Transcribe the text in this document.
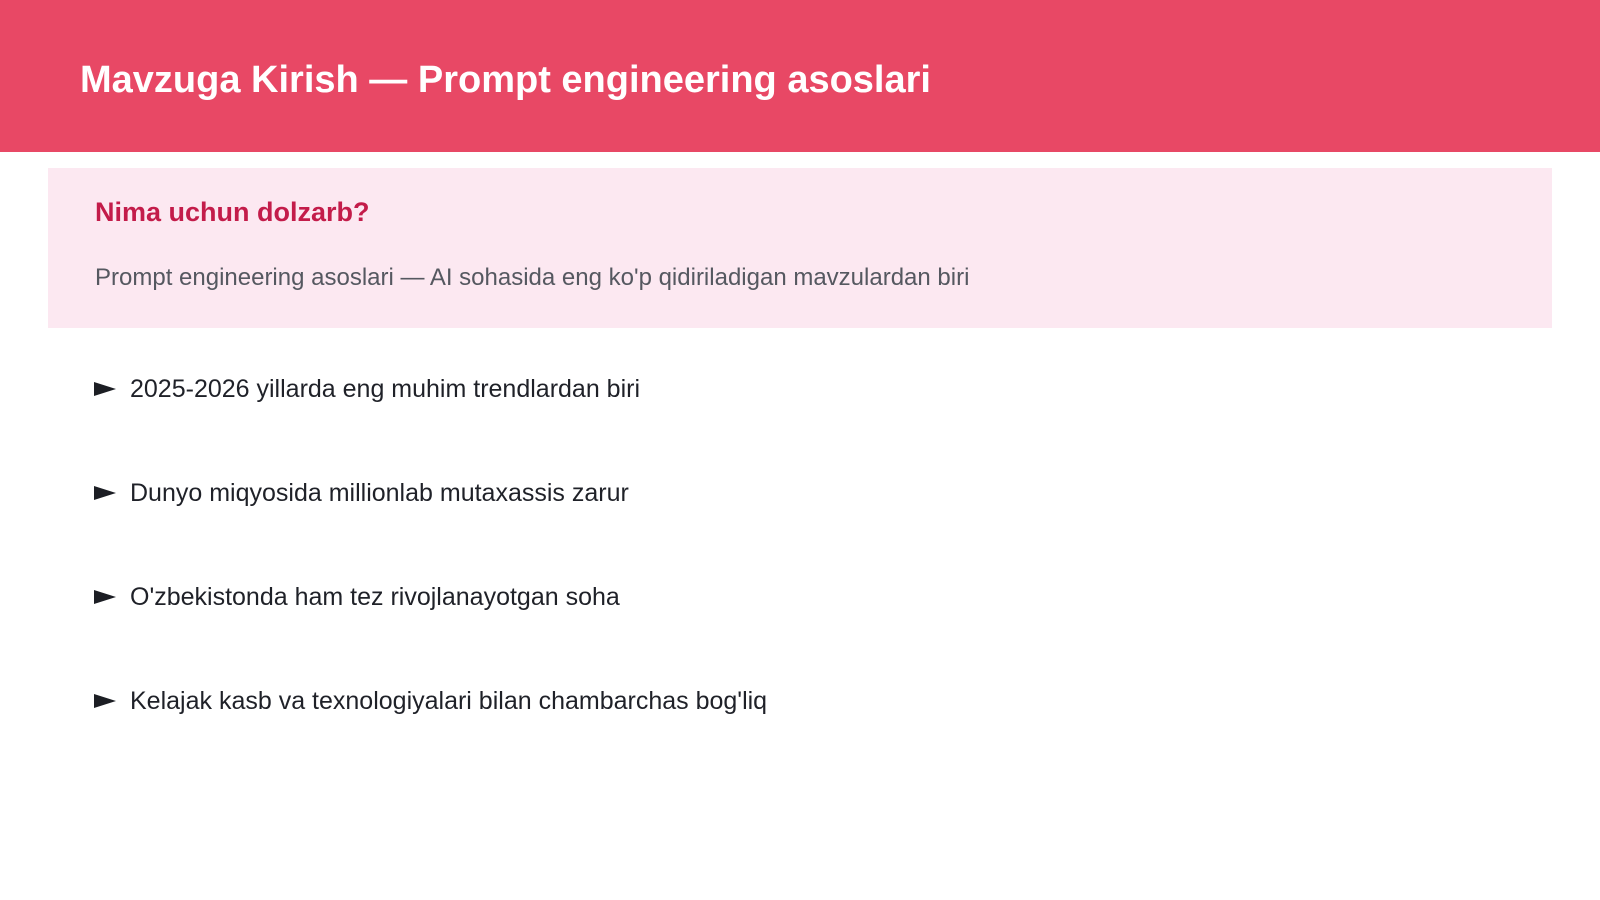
Mavzuga Kirish — Prompt engineering asoslari
Nima uchun dolzarb?

Prompt engineering asoslari — AI sohasida eng ko'p qidiriladigan mavzulardan biri

2025-2026 yillarda eng muhim trendlardan biri
Dunyo miqyosida millionlab mutaxassis zarur
O'zbekistonda ham tez rivojlanayotgan soha
Kelajak kasb va texnologiyalari bilan chambarchas bog'liq
